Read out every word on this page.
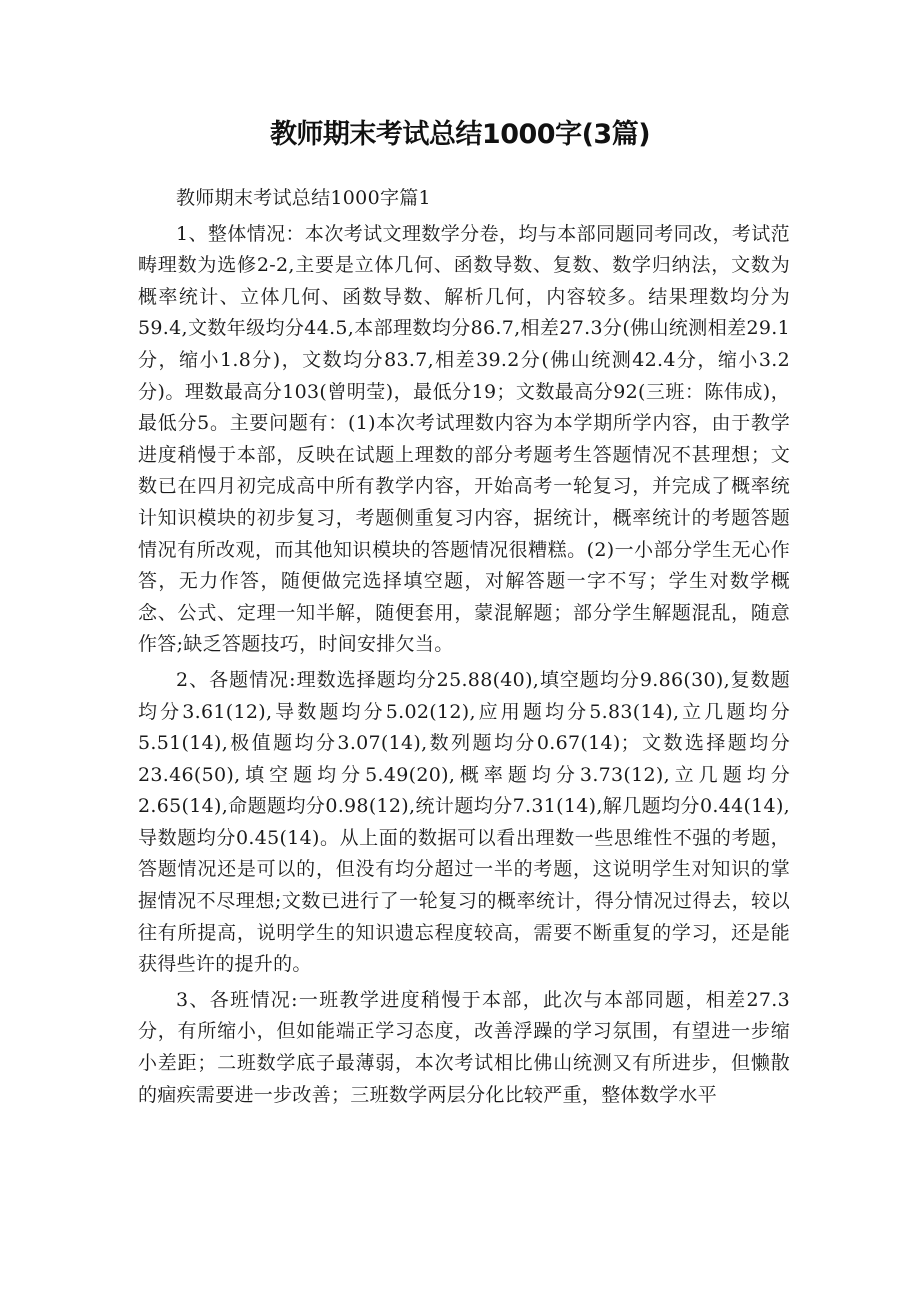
教师期末考试总结1000字(3篇)

教师期末考试总结1000字篇1

1、整体情况：本次考试文理数学分卷，均与本部同题同考同改，考试范畴理数为选修2-2,主要是立体几何、函数导数、复数、数学归纳法，文数为概率统计、立体几何、函数导数、解析几何，内容较多。结果理数均分为59.4,文数年级均分44.5,本部理数均分86.7,相差27.3分(佛山统测相差29.1分，缩小1.8分)，文数均分83.7,相差39.2分(佛山统测42.4分，缩小3.2分)。理数最高分103(曾明莹)，最低分19；文数最高分92(三班：陈伟成)，最低分5。主要问题有：(1)本次考试理数内容为本学期所学内容，由于教学进度稍慢于本部，反映在试题上理数的部分考题考生答题情况不甚理想；文数已在四月初完成高中所有教学内容，开始高考一轮复习，并完成了概率统计知识模块的初步复习，考题侧重复习内容，据统计，概率统计的考题答题情况有所改观，而其他知识模块的答题情况很糟糕。(2)一小部分学生无心作答，无力作答，随便做完选择填空题，对解答题一字不写；学生对数学概念、公式、定理一知半解，随便套用，蒙混解题；部分学生解题混乱，随意作答;缺乏答题技巧，时间安排欠当。

2、各题情况:理数选择题均分25.88(40),填空题均分9.86(30),复数题均分3.61(12),导数题均分5.02(12),应用题均分5.83(14),立几题均分5.51(14),极值题均分3.07(14),数列题均分0.67(14)；文数选择题均分23.46(50),填空题均分5.49(20),概率题均分3.73(12),立几题均分2.65(14),命题题均分0.98(12),统计题均分7.31(14),解几题均分0.44(14),导数题均分0.45(14)。从上面的数据可以看出理数一些思维性不强的考题，答题情况还是可以的，但没有均分超过一半的考题，这说明学生对知识的掌握情况不尽理想;文数已进行了一轮复习的概率统计，得分情况过得去，较以往有所提高，说明学生的知识遗忘程度较高，需要不断重复的学习，还是能获得些许的提升的。

3、各班情况:一班教学进度稍慢于本部，此次与本部同题，相差27.3分，有所缩小，但如能端正学习态度，改善浮躁的学习氛围，有望进一步缩小差距；二班数学底子最薄弱，本次考试相比佛山统测又有所进步，但懒散的痼疾需要进一步改善；三班数学两层分化比较严重，整体数学水平
